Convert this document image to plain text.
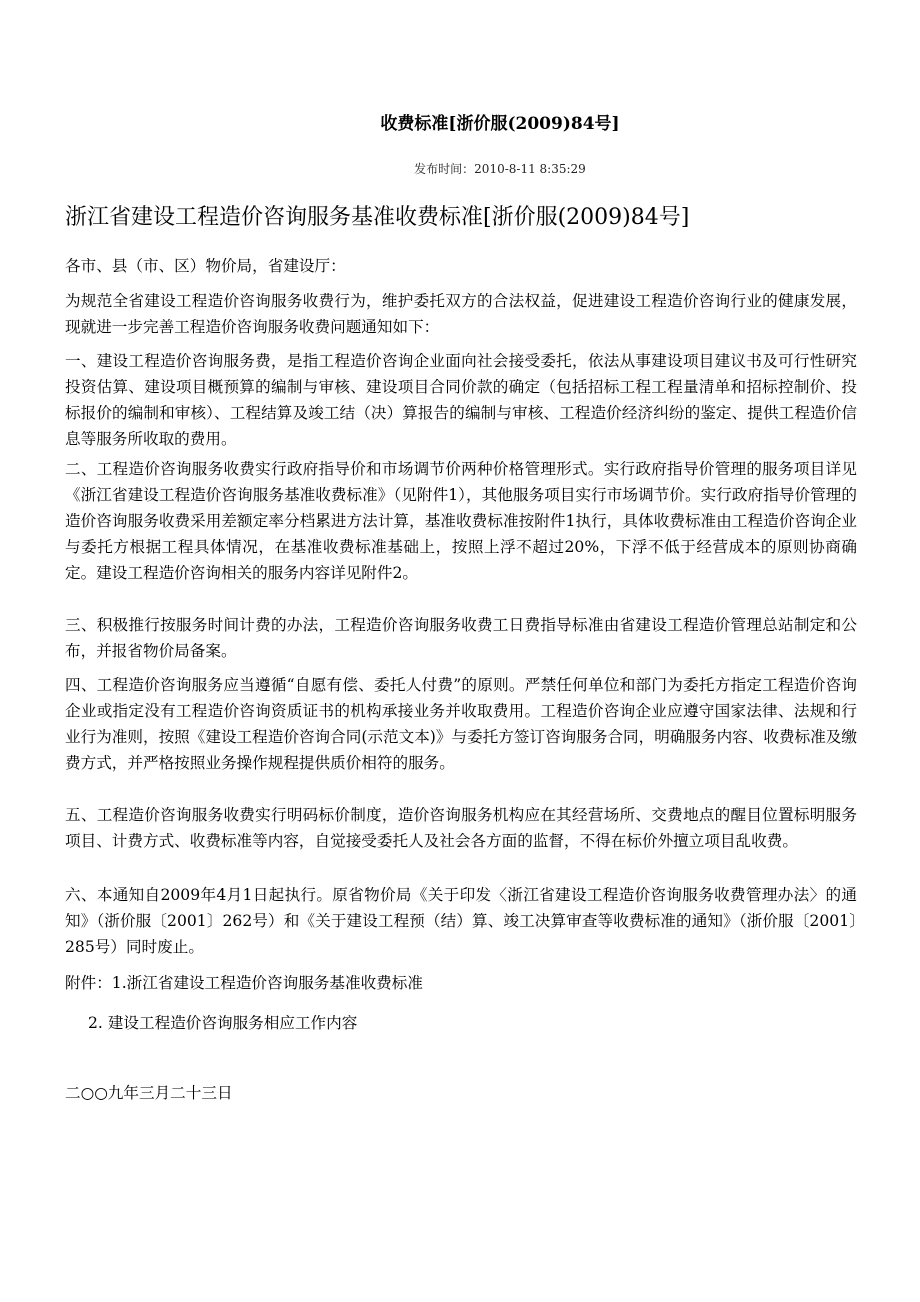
收费标准[浙价服(2009)84号]
发布时间：2010-8-11 8:35:29
浙江省建设工程造价咨询服务基准收费标准[浙价服(2009)84号]
各市、县（市、区）物价局，省建设厅：
为规范全省建设工程造价咨询服务收费行为，维护委托双方的合法权益，促进建设工程造价咨询行业的健康发展，现就进一步完善工程造价咨询服务收费问题通知如下：
一、建设工程造价咨询服务费，是指工程造价咨询企业面向社会接受委托，依法从事建设项目建议书及可行性研究投资估算、建设项目概预算的编制与审核、建设项目合同价款的确定（包括招标工程工程量清单和招标控制价、投标报价的编制和审核）、工程结算及竣工结（决）算报告的编制与审核、工程造价经济纠纷的鉴定、提供工程造价信息等服务所收取的费用。
二、工程造价咨询服务收费实行政府指导价和市场调节价两种价格管理形式。实行政府指导价管理的服务项目详见《浙江省建设工程造价咨询服务基准收费标准》（见附件1），其他服务项目实行市场调节价。实行政府指导价管理的造价咨询服务收费采用差额定率分档累进方法计算，基准收费标准按附件1执行，具体收费标准由工程造价咨询企业与委托方根据工程具体情况，在基准收费标准基础上，按照上浮不超过20%，下浮不低于经营成本的原则协商确定。建设工程造价咨询相关的服务内容详见附件2。
三、积极推行按服务时间计费的办法，工程造价咨询服务收费工日费指导标准由省建设工程造价管理总站制定和公布，并报省物价局备案。
四、工程造价咨询服务应当遵循“自愿有偿、委托人付费”的原则。严禁任何单位和部门为委托方指定工程造价咨询企业或指定没有工程造价咨询资质证书的机构承接业务并收取费用。工程造价咨询企业应遵守国家法律、法规和行业行为准则，按照《建设工程造价咨询合同(示范文本)》与委托方签订咨询服务合同，明确服务内容、收费标准及缴费方式，并严格按照业务操作规程提供质价相符的服务。
五、工程造价咨询服务收费实行明码标价制度，造价咨询服务机构应在其经营场所、交费地点的醒目位置标明服务项目、计费方式、收费标准等内容，自觉接受委托人及社会各方面的监督，不得在标价外擅立项目乱收费。
六、本通知自2009年4月1日起执行。原省物价局《关于印发〈浙江省建设工程造价咨询服务收费管理办法〉的通知》（浙价服〔2001〕262号）和《关于建设工程预（结）算、竣工决算审查等收费标准的通知》（浙价服〔2001〕285号）同时废止。
附件：1.浙江省建设工程造价咨询服务基准收费标准
2. 建设工程造价咨询服务相应工作内容
二○○九年三月二十三日
